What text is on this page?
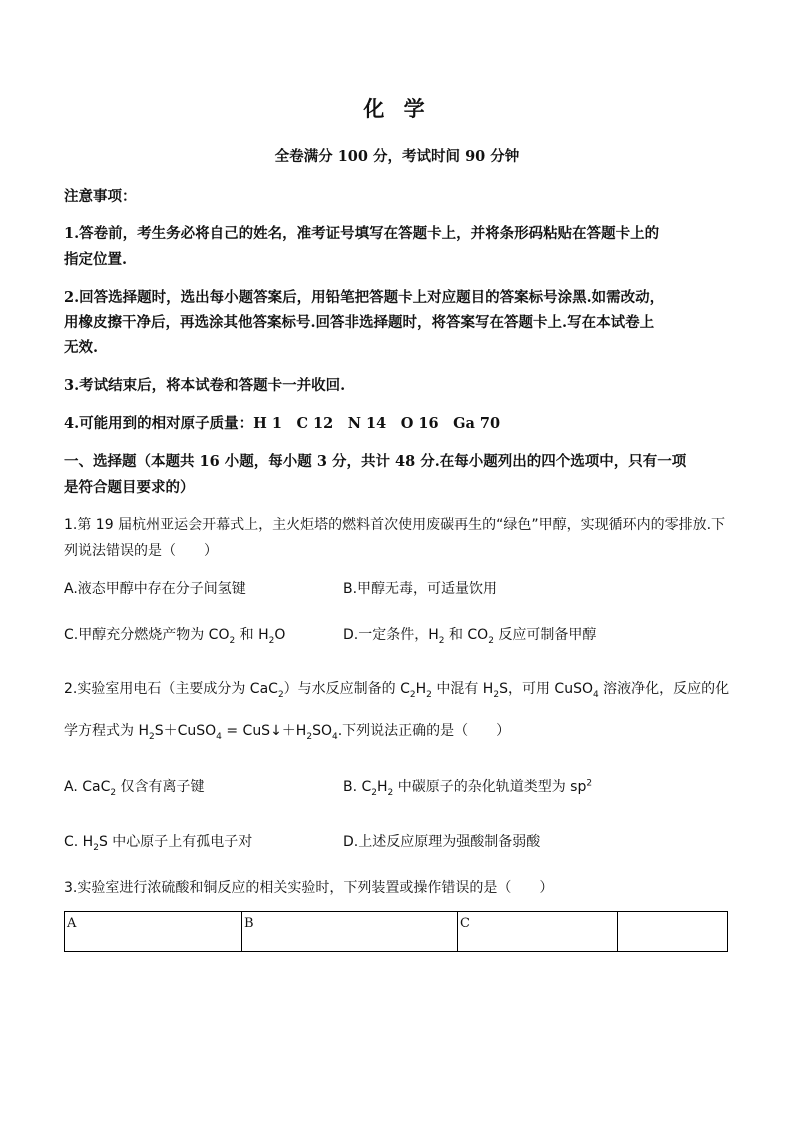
化 学
全卷满分 100 分，考试时间 90 分钟
注意事项：
1.答卷前，考生务必将自己的姓名，准考证号填写在答题卡上，并将条形码粘贴在答题卡上的
指定位置.
2.回答选择题时，选出每小题答案后，用铅笔把答题卡上对应题目的答案标号涂黑.如需改动，
用橡皮擦干净后，再选涂其他答案标号.回答非选择题时，将答案写在答题卡上.写在本试卷上
无效.
3.考试结束后，将本试卷和答题卡一并收回.
4.可能用到的相对原子质量：H 1　C 12　N 14　O 16　Ga 70
一、选择题（本题共 16 小题，每小题 3 分，共计 48 分.在每小题列出的四个选项中，只有一项
是符合题目要求的）
1.第 19 届杭州亚运会开幕式上，主火炬塔的燃料首次使用废碳再生的“绿色”甲醇，实现循环内的零排放.下
列说法错误的是（　　）
A.液态甲醇中存在分子间氢键	B.甲醇无毒，可适量饮用
C.甲醇充分燃烧产物为 $CO_2$ 和 $H_2O$	D.一定条件，$H_2$ 和 $CO_2$ 反应可制备甲醇
2.实验室用电石（主要成分为 CaC$_2$）与水反应制备的 $C_2H_2$ 中混有 $H_2S$，可用 CuSO$_4$ 溶液净化，反应的化
学方程式为 $H_2S+CuSO_4$ = $CuS↓+H_2SO_4$.下列说法正确的是（　　）
A. CaC$_2$ 仅含有离子键	B. $C_2H_2$ 中碳原子的杂化轨道类型为 $sp^2$
C. $H_2S$ 中心原子上有孤电子对	D.上述反应原理为强酸制备弱酸
3.实验室进行浓硫酸和铜反应的相关实验时，下列装置或操作错误的是（　　）
A	B	C	
